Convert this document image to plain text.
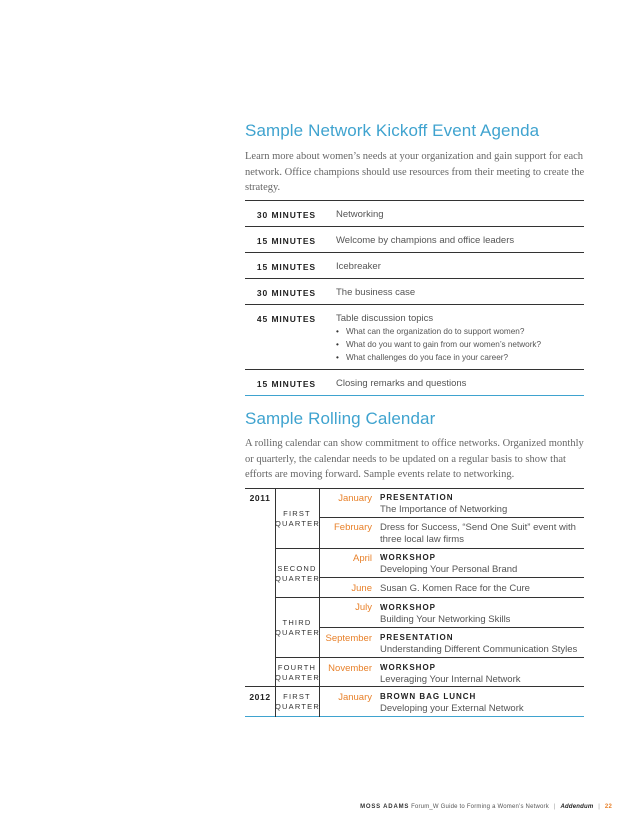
Sample Network Kickoff Event Agenda

Learn more about women’s needs at your organization and gain support for each network. Office champions should use resources from their meeting to create the strategy.

30 MINUTES Networking
15 MINUTES Welcome by champions and office leaders
15 MINUTES Icebreaker
30 MINUTES The business case
45 MINUTES Table discussion topics
• What can the organization do to support women?
• What do you want to gain from our women’s network?
• What challenges do you face in your career?
15 MINUTES Closing remarks and questions
Sample Rolling Calendar

A rolling calendar can show commitment to office networks. Organized monthly or quarterly, the calendar needs to be updated on a regular basis to show that efforts are moving forward. Sample events relate to networking.

2011
2012
FIRST
QUARTER
SECOND
QUARTER
THIRD
QUARTER
FOURTH
QUARTER
FIRST
QUARTER
January PRESENTATION
The Importance of Networking
February Dress for Success, “Send One Suit” event with three local law firms
April WORKSHOP
Developing Your Personal Brand
June Susan G. Komen Race for the Cure
July WORKSHOP
Building Your Networking Skills
September PRESENTATION
Understanding Different Communication Styles
November WORKSHOP
Leveraging Your Internal Network
January BROWN BAG LUNCH
Developing your External Network
MOSS ADAMS Forum_W Guide to Forming a Women’s Network | Addendum | 22
